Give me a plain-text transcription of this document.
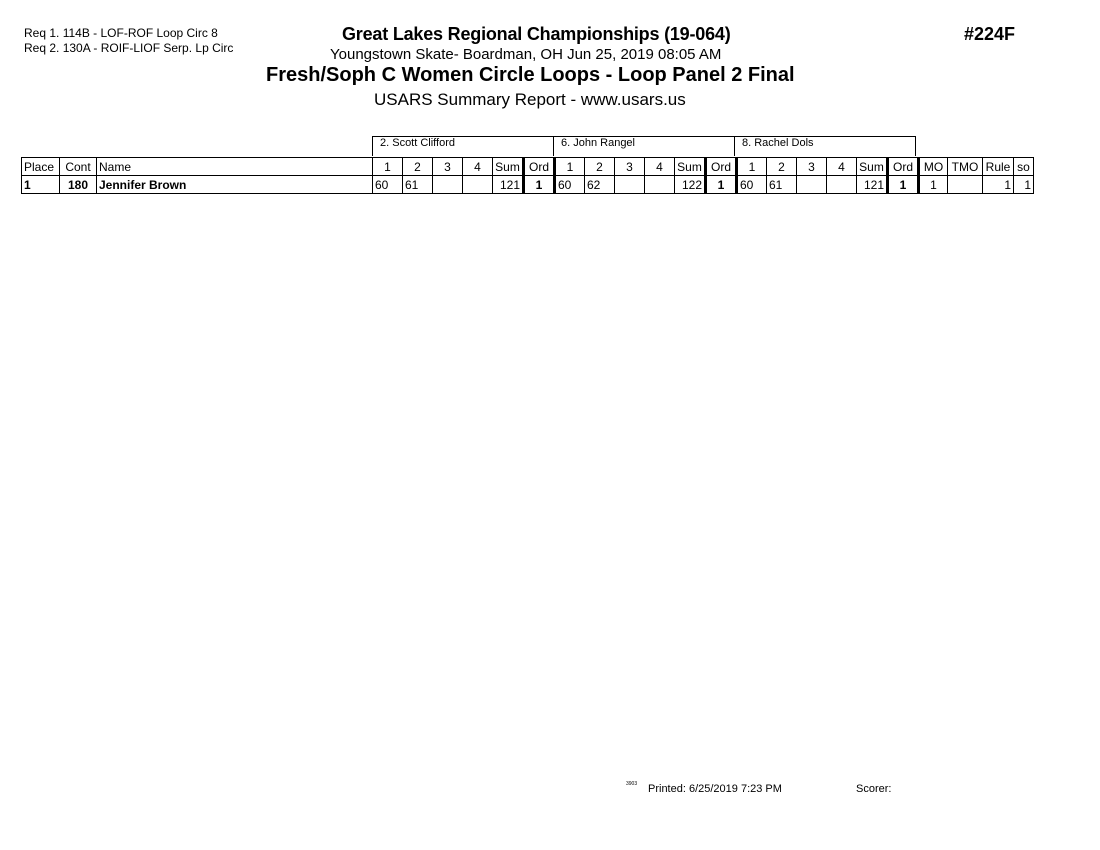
Req 1. 114B - LOF-ROF Loop Circ 8
Req 2. 130A - ROIF-LIOF Serp. Lp Circ
Great Lakes Regional Championships (19-064)	#224F
Youngstown Skate- Boardman, OH Jun 25, 2019 08:05 AM
Fresh/Soph C Women Circle Loops - Loop Panel 2 Final
USARS Summary Report - www.usars.us
2. Scott Clifford	6. John Rangel	8. Rachel Dols
Place	Cont	Name	1	2	3	4	Sum	Ord	1	2	3	4	Sum	Ord	1	2	3	4	Sum	Ord	MO	TMO	Rule	so
1	180	Jennifer Brown	60	61			121	1	60	62			122	1	60	61			121	1	1		1	1
3903 Printed: 6/25/2019 7:23 PM	Scorer:
